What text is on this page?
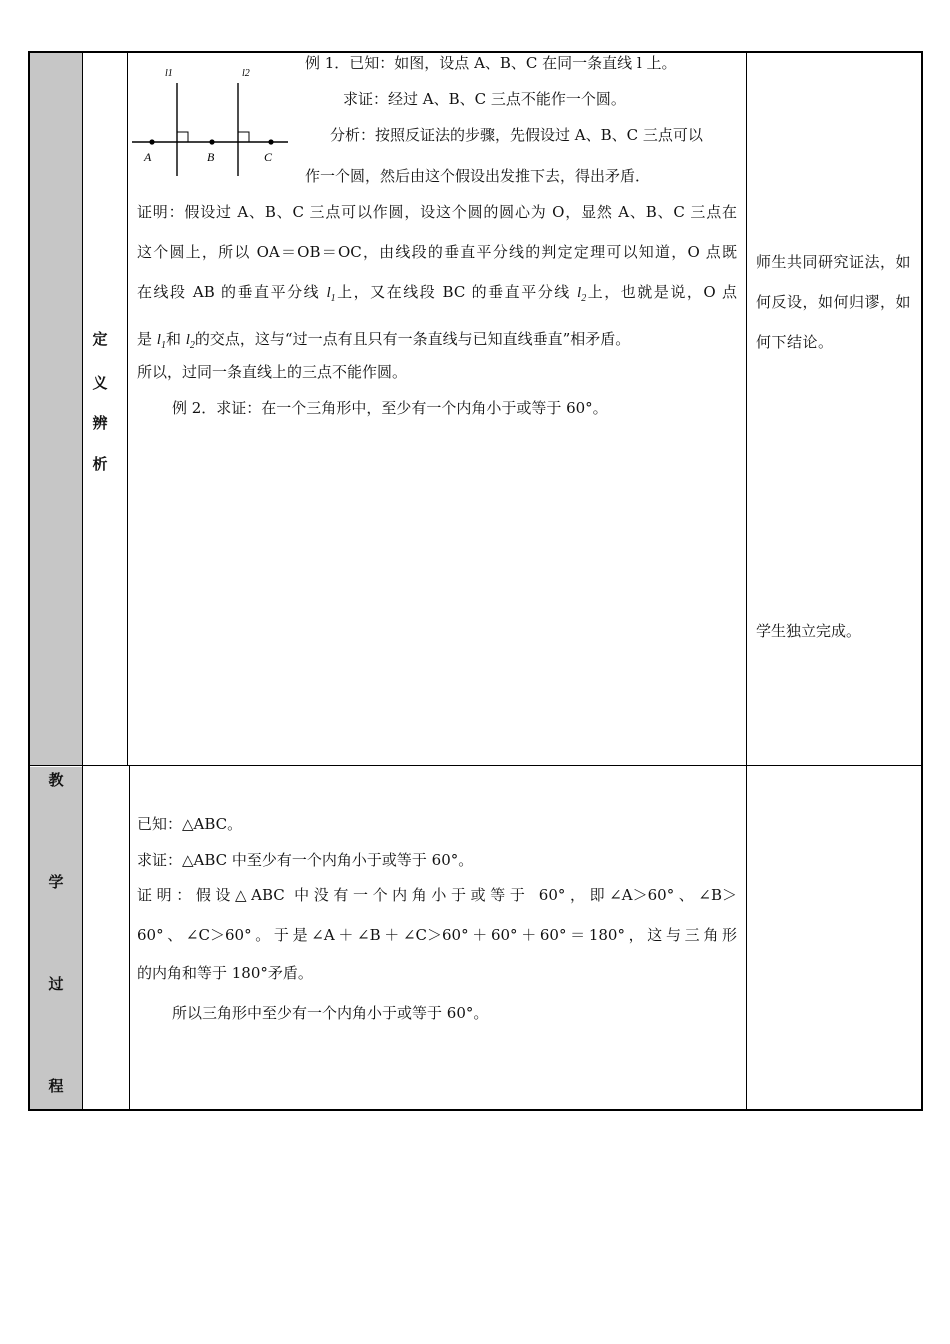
定
义
辨
析
教
学
过
程
l1	l2
A	B	C
例 1．已知：如图，设点 A、B、C 在同一条直线 l 上。
求证：经过 A、B、C 三点不能作一个圆。
分析：按照反证法的步骤，先假设过 A、B、C 三点可以
作一个圆，然后由这个假设出发推下去，得出矛盾．

证明：假设过 A、B、C 三点可以作圆，设这个圆的圆心为 O，显然 A、B、C 三点在

这个圆上，所以 OA＝OB＝OC，由线段的垂直平分线的判定定理可以知道，O 点既

在线段 AB 的垂直平分线 $l_1$上，又在线段 BC 的垂直平分线 $l_2$上，也就是说，O 点

是 $l_1$和 $l_2$的交点，这与“过一点有且只有一条直线与已知直线垂直”相矛盾。

所以，过同一条直线上的三点不能作圆。
例 2．求证：在一个三角形中，至少有一个内角小于或等于 60°。
师生共同研究证法，如何反设，如何归谬，如何下结论。
学生独立完成。
已知：△ABC。
求证：△ABC 中至少有一个内角小于或等于 60°。

证明：假设△ABC 中没有一个内角小于或等于 60°，即∠A＞60°、∠B＞

60°、∠C＞60°。于是∠A＋∠B＋∠C＞60°＋60°＋60°＝180°，这与三角形

的内角和等于 180°矛盾。

所以三角形中至少有一个内角小于或等于 60°。
